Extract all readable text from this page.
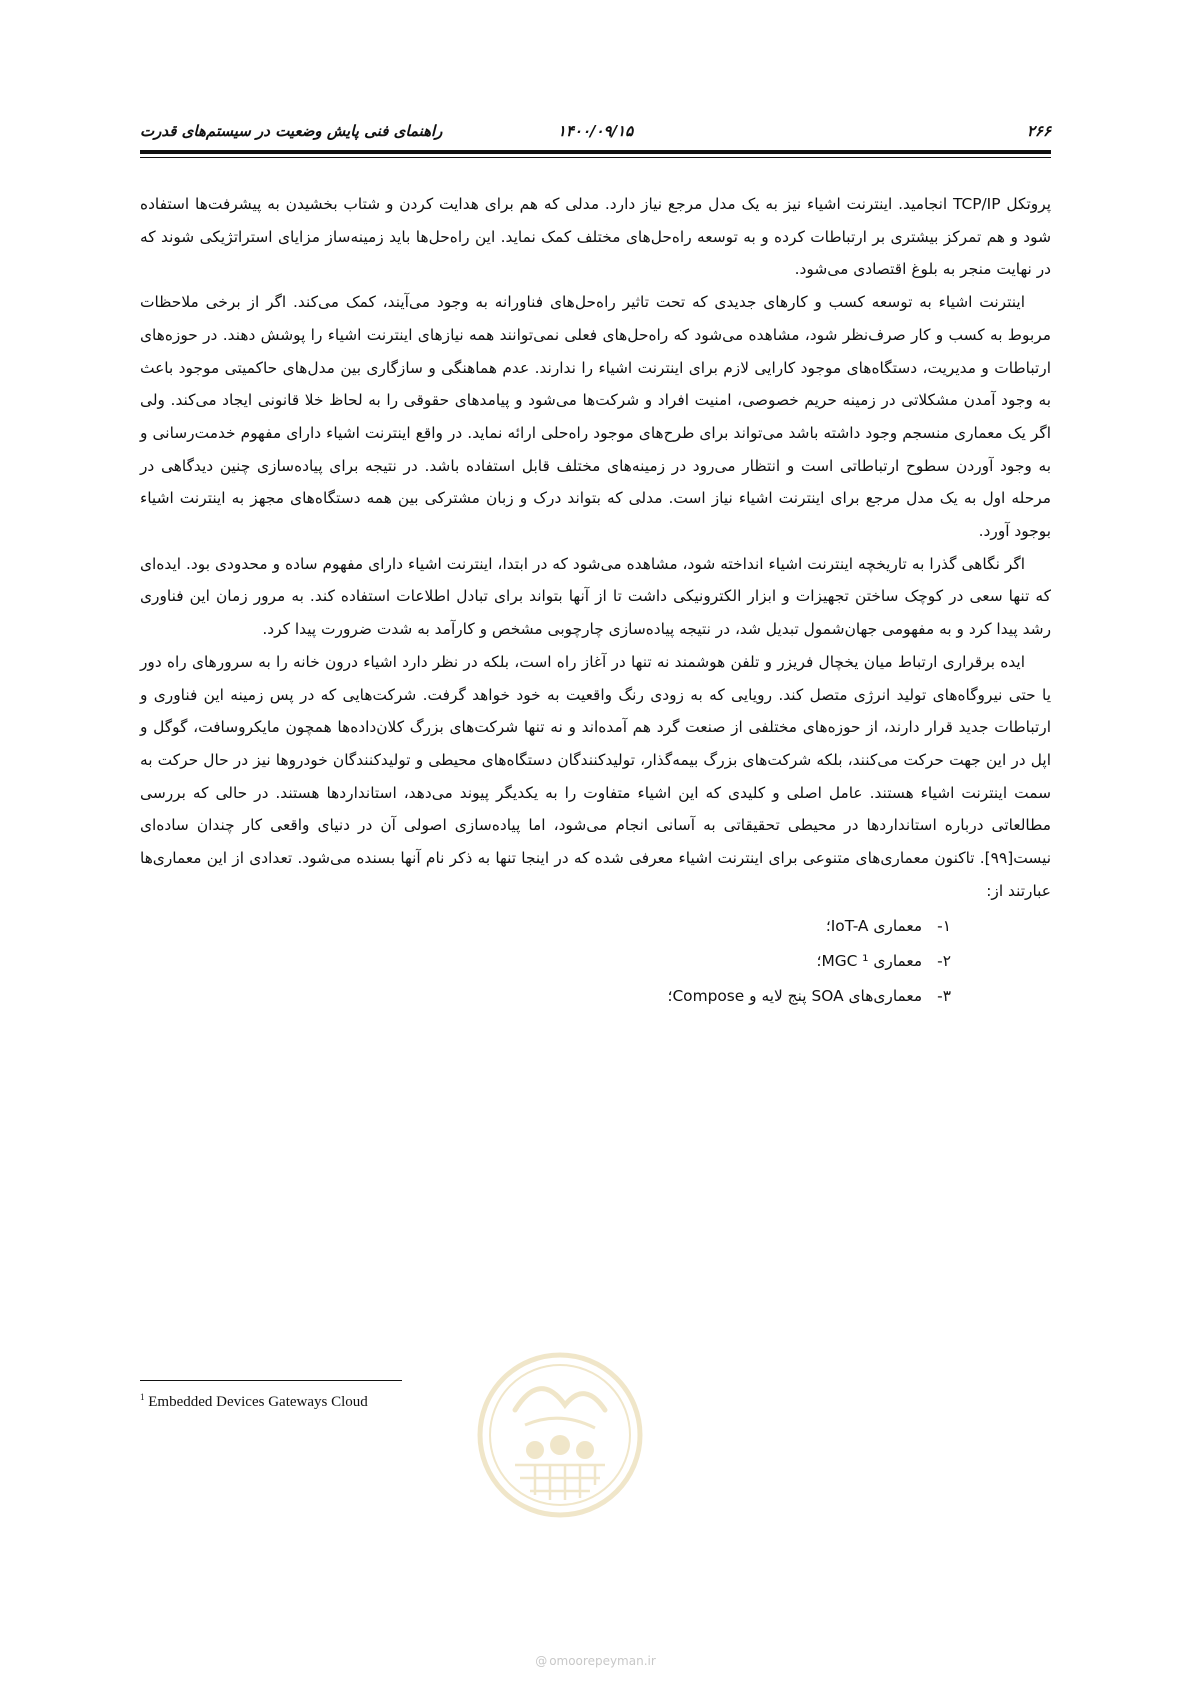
۲۶۶
۱۴۰۰/۰۹/۱۵
راهنمای فنی پایش وضعیت در سیستم‌های قدرت

پروتکل TCP/IP انجامید. اینترنت اشیاء نیز به یک مدل مرجع نیاز دارد. مدلی که هم برای هدایت کردن و شتاب بخشیدن به پیشرفت‌ها استفاده شود و هم تمرکز بیشتری بر ارتباطات کرده و به توسعه راه‌حل‌های مختلف کمک نماید. این راه‌حل‌ها باید زمینه‌ساز مزایای استراتژیکی شوند که در نهایت منجر به بلوغ اقتصادی می‌شود.

اینترنت اشیاء به توسعه کسب و کارهای جدیدی که تحت تاثیر راه‌حل‌های فناورانه به وجود می‌آیند، کمک می‌کند. اگر از برخی ملاحظات مربوط به کسب و کار صرف‌نظر شود، مشاهده می‌شود که راه‌حل‌های فعلی نمی‌توانند همه نیازهای اینترنت اشیاء را پوشش دهند. در حوزه‌های ارتباطات و مدیریت، دستگاه‌های موجود کارایی لازم برای اینترنت اشیاء را ندارند. عدم هماهنگی و سازگاری بین مدل‌های حاکمیتی موجود باعث به وجود آمدن مشکلاتی در زمینه حریم خصوصی، امنیت افراد و شرکت‌ها می‌شود و پیامدهای حقوقی را به لحاظ خلا قانونی ایجاد می‌کند. ولی اگر یک معماری منسجم وجود داشته باشد می‌تواند برای طرح‌های موجود راه‌حلی ارائه نماید. در واقع اینترنت اشیاء دارای مفهوم خدمت‌رسانی و به وجود آوردن سطوح ارتباطاتی است و انتظار می‌رود در زمینه‌های مختلف قابل استفاده باشد. در نتیجه برای پیاده‌سازی چنین دیدگاهی در مرحله اول به یک مدل مرجع برای اینترنت اشیاء نیاز است. مدلی که بتواند درک و زبان مشترکی بین همه دستگاه‌های مجهز به اینترنت اشیاء بوجود آورد.

اگر نگاهی گذرا به تاریخچه اینترنت اشیاء انداخته شود، مشاهده می‌شود که در ابتدا، اینترنت اشیاء دارای مفهوم ساده و محدودی بود. ایده‌ای که تنها سعی در کوچک ساختن تجهیزات و ابزار الکترونیکی داشت تا از آنها بتواند برای تبادل اطلاعات استفاده کند. به مرور زمان این فناوری رشد پیدا کرد و به مفهومی جهان‌شمول تبدیل شد، در نتیجه پیاده‌سازی چارچوبی مشخص و کارآمد به شدت ضرورت پیدا کرد.

ایده برقراری ارتباط میان یخچال فریزر و تلفن هوشمند نه تنها در آغاز راه است، بلکه در نظر دارد اشیاء درون خانه را به سرورهای راه دور یا حتی نیروگاه‌های تولید انرژی متصل کند. رویایی که به زودی رنگ واقعیت به خود خواهد گرفت. شرکت‌هایی که در پس زمینه این فناوری و ارتباطات جدید قرار دارند، از حوزه‌های مختلفی از صنعت گرد هم آمده‌اند و نه تنها شرکت‌های بزرگ کلان‌داده‌ها همچون مایکروسافت، گوگل و اپل در این جهت حرکت می‌کنند، بلکه شرکت‌های بزرگ بیمه‌گذار، تولیدکنندگان دستگاه‌های محیطی و تولیدکنندگان خودروها نیز در حال حرکت به سمت اینترنت اشیاء هستند. عامل اصلی و کلیدی که این اشیاء متفاوت را به یکدیگر پیوند می‌دهد، استانداردها هستند. در حالی که بررسی مطالعاتی درباره استانداردها در محیطی تحقیقاتی به آسانی انجام می‌شود، اما پیاده‌سازی اصولی آن در دنیای واقعی کار چندان ساده‌ای نیست[۹۹]. تاکنون معماری‌های متنوعی برای اینترنت اشیاء معرفی شده که در اینجا تنها به ذکر نام آنها بسنده می‌شود. تعدادی از این معماری‌ها عبارتند از:

۱- معماری IoT-A؛
۲- معماری MGC ¹؛
۳- معماری‌های SOA پنج لایه و Compose؛
$^1$ Embedded Devices Gateways Cloud
@ omoorepeyman.ir
